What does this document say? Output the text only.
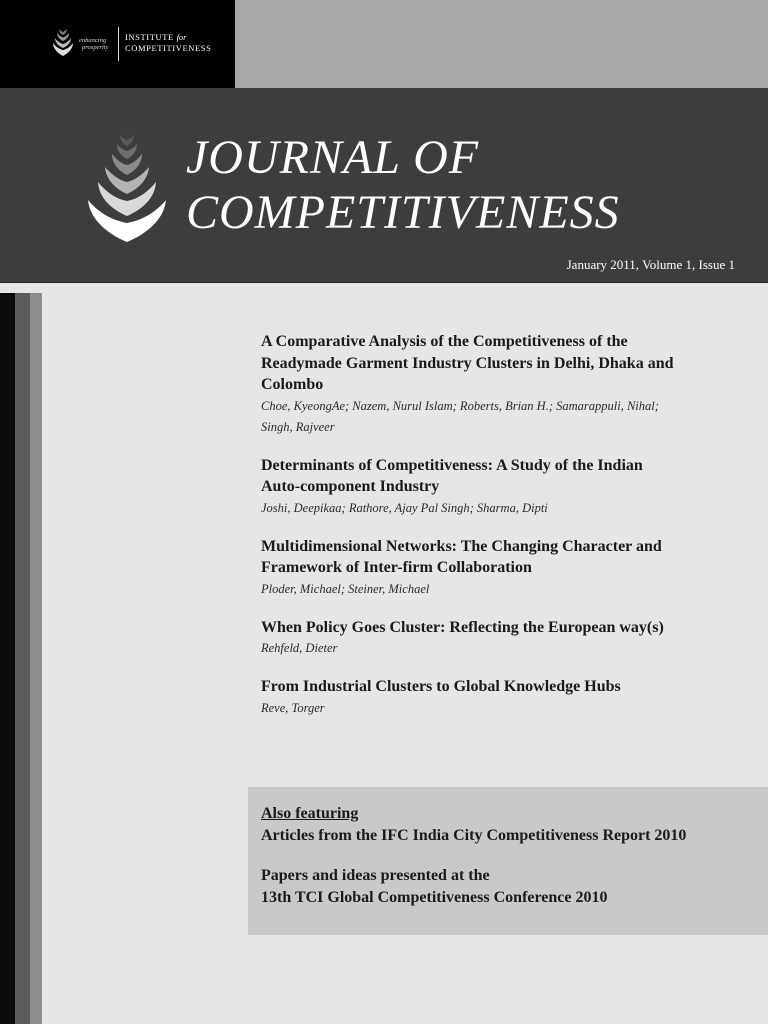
enhancing
prosperity
INSTITUTE for
COMPETITIVENESS
JOURNAL OF
COMPETITIVENESS
January 2011, Volume 1, Issue 1
A Comparative Analysis of the Competitiveness of the Readymade Garment Industry Clusters in Delhi, Dhaka and Colombo
Choe, KyeongAe; Nazem, Nurul Islam; Roberts, Brian H.; Samarappuli, Nihal; Singh, Rajveer
Determinants of Competitiveness: A Study of the Indian Auto-component Industry
Joshi, Deepikaa; Rathore, Ajay Pal Singh; Sharma, Dipti
Multidimensional Networks: The Changing Character and Framework of Inter-firm Collaboration
Ploder, Michael; Steiner, Michael
When Policy Goes Cluster: Reflecting the European way(s)
Rehfeld, Dieter
From Industrial Clusters to Global Knowledge Hubs
Reve, Torger
Also featuring
Articles from the IFC India City Competitiveness Report 2010
Papers and ideas presented at the
13th TCI Global Competitiveness Conference 2010
